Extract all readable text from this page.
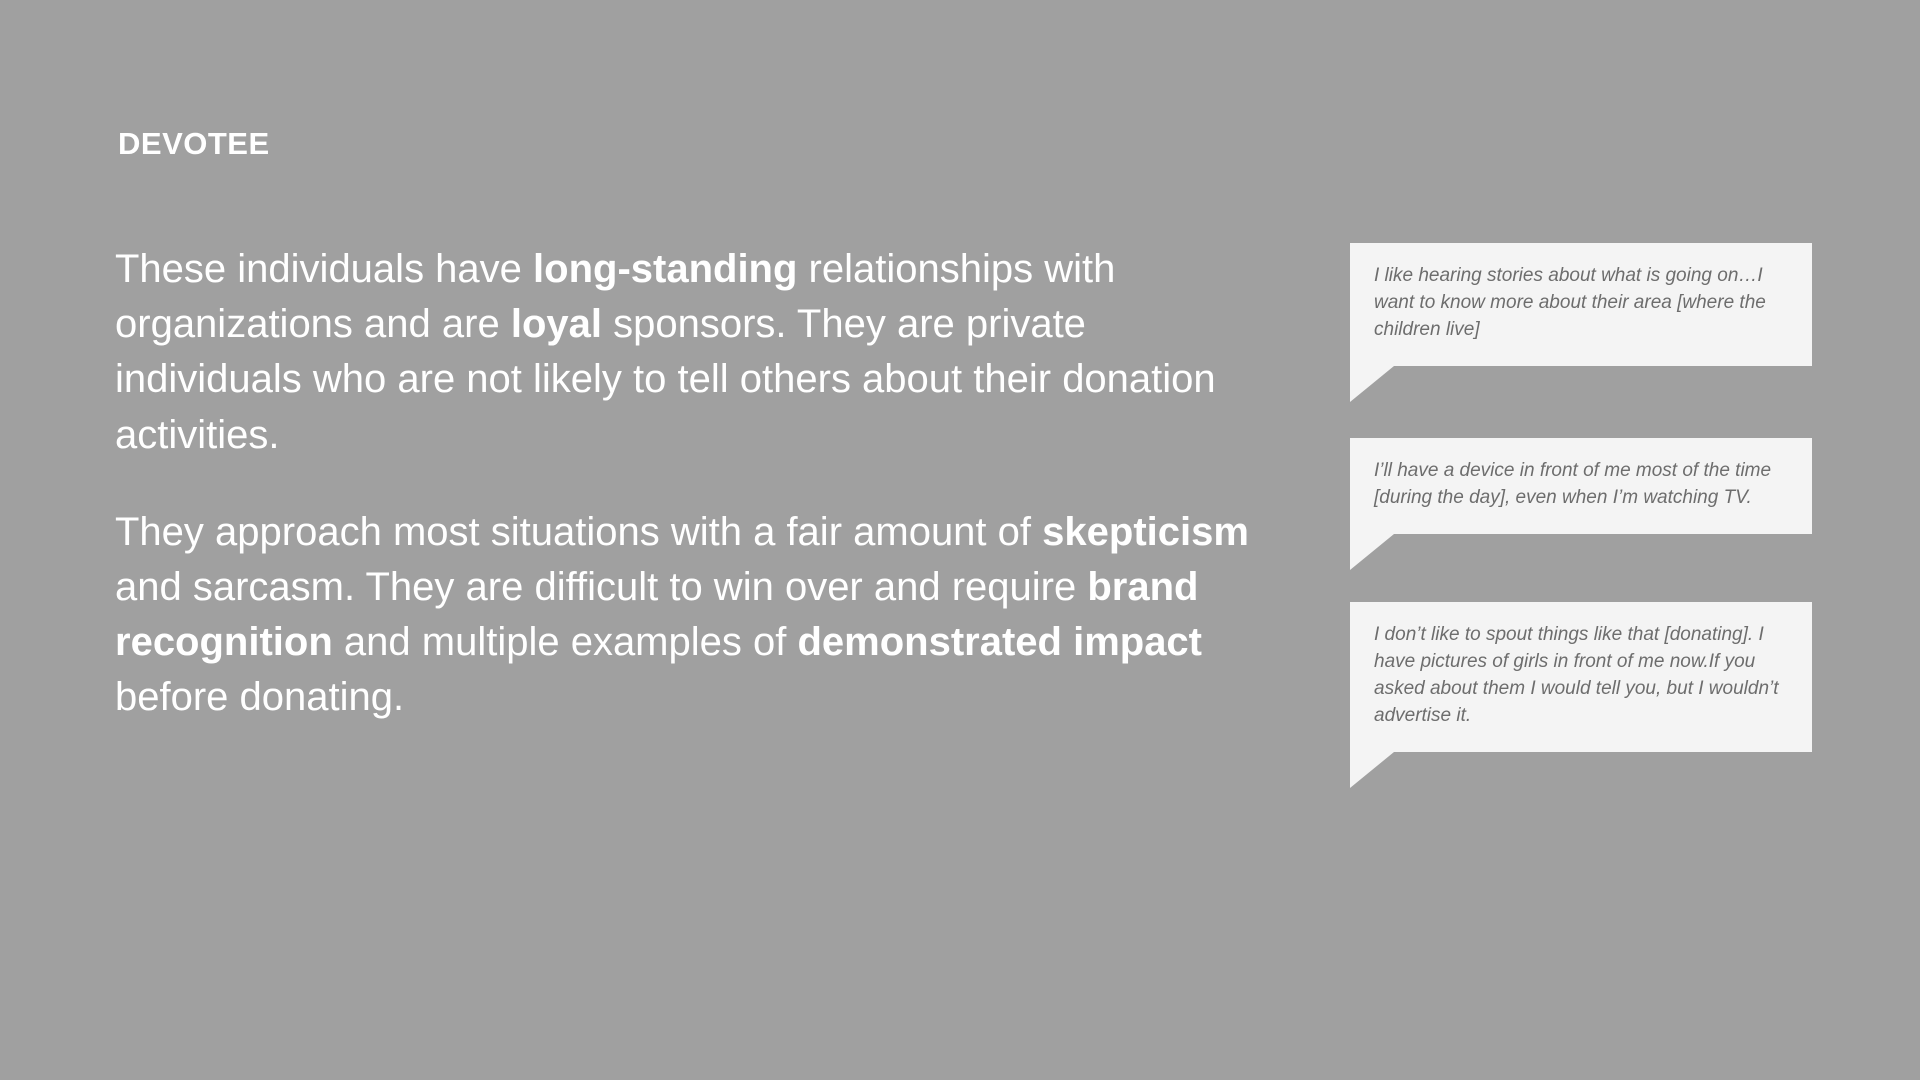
DEVOTEE

These individuals have long-standing relationships with organizations and are loyal sponsors. They are private individuals who are not likely to tell others about their donation activities.

They approach most situations with a fair amount of skepticism and sarcasm. They are difficult to win over and require brand recognition and multiple examples of demonstrated impact before donating.

I like hearing stories about what is going on…I want to know more about their area [where the children live]
I’ll have a device in front of me most of the time [during the day], even when I’m watching TV.
I don’t like to spout things like that [donating]. I have pictures of girls in front of me now.If you asked about them I would tell you, but I wouldn’t advertise it.
